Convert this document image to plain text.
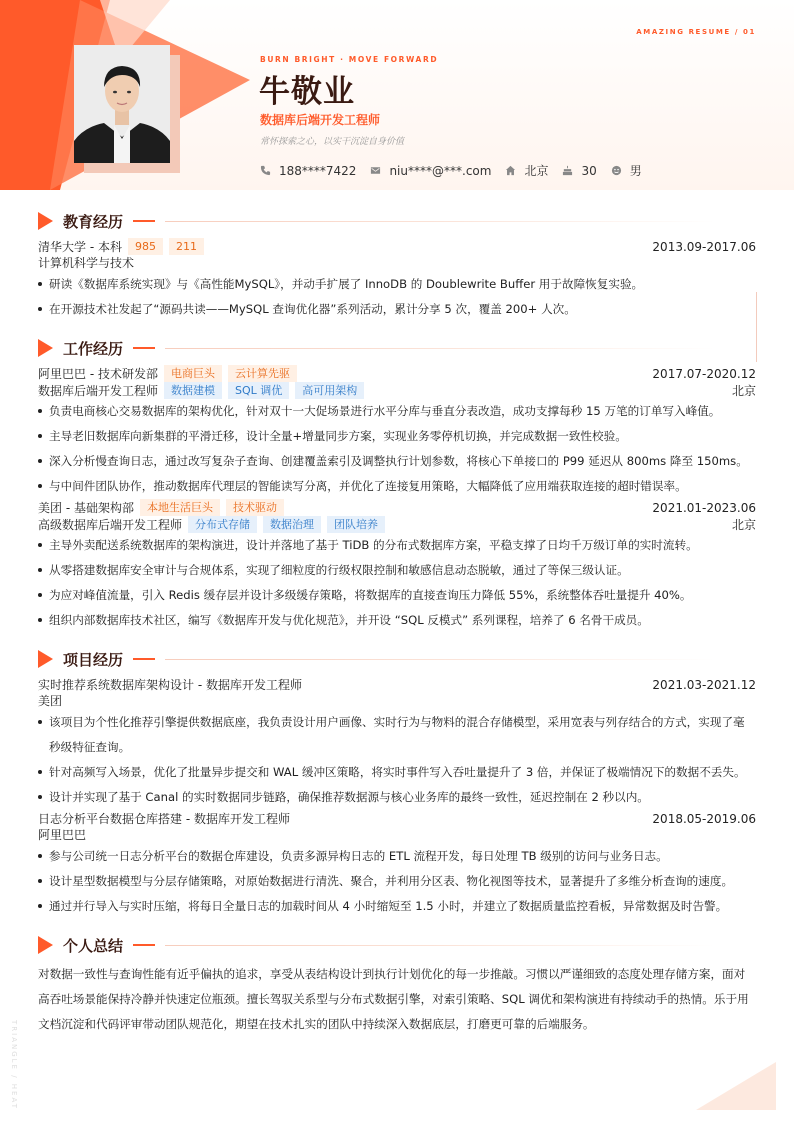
AMAZING RESUME / 01
BURN BRIGHT · MOVE FORWARD
牛敬业
数据库后端开发工程师
常怀探索之心，以实干沉淀自身价值
188****7422	niu****@***.com	北京	30	男
教育经历
清华大学 - 本科	985	211	2013.09-2017.06
计算机科学与技术
研读《数据库系统实现》与《高性能MySQL》，并动手扩展了 InnoDB 的 Doublewrite Buffer 用于故障恢复实验。
在开源技术社发起了“源码共读——MySQL 查询优化器”系列活动，累计分享 5 次，覆盖 200+ 人次。
工作经历
阿里巴巴 - 技术研发部	电商巨头	云计算先驱	2017.07-2020.12
数据库后端开发工程师	数据建模	SQL 调优	高可用架构	北京
负责电商核心交易数据库的架构优化，针对双十一大促场景进行水平分库与垂直分表改造，成功支撑每秒 15 万笔的订单写入峰值。
主导老旧数据库向新集群的平滑迁移，设计全量+增量同步方案，实现业务零停机切换，并完成数据一致性校验。
深入分析慢查询日志，通过改写复杂子查询、创建覆盖索引及调整执行计划参数，将核心下单接口的 P99 延迟从 800ms 降至 150ms。
与中间件团队协作，推动数据库代理层的智能读写分离，并优化了连接复用策略，大幅降低了应用端获取连接的超时错误率。
美团 - 基础架构部	本地生活巨头	技术驱动	2021.01-2023.06
高级数据库后端开发工程师	分布式存储	数据治理	团队培养	北京
主导外卖配送系统数据库的架构演进，设计并落地了基于 TiDB 的分布式数据库方案，平稳支撑了日均千万级订单的实时流转。
从零搭建数据库安全审计与合规体系，实现了细粒度的行级权限控制和敏感信息动态脱敏，通过了等保三级认证。
为应对峰值流量，引入 Redis 缓存层并设计多级缓存策略，将数据库的直接查询压力降低 55%，系统整体吞吐量提升 40%。
组织内部数据库技术社区，编写《数据库开发与优化规范》，并开设 “SQL 反模式” 系列课程，培养了 6 名骨干成员。
项目经历
实时推荐系统数据库架构设计 - 数据库开发工程师	2021.03-2021.12
美团
该项目为个性化推荐引擎提供数据底座，我负责设计用户画像、实时行为与物料的混合存储模型，采用宽表与列存结合的方式，实现了毫秒级特征查询。
针对高频写入场景，优化了批量异步提交和 WAL 缓冲区策略，将实时事件写入吞吐量提升了 3 倍，并保证了极端情况下的数据不丢失。
设计并实现了基于 Canal 的实时数据同步链路，确保推荐数据源与核心业务库的最终一致性，延迟控制在 2 秒以内。
日志分析平台数据仓库搭建 - 数据库开发工程师	2018.05-2019.06
阿里巴巴
参与公司统一日志分析平台的数据仓库建设，负责多源异构日志的 ETL 流程开发，每日处理 TB 级别的访问与业务日志。
设计星型数据模型与分层存储策略，对原始数据进行清洗、聚合，并利用分区表、物化视图等技术，显著提升了多维分析查询的速度。
通过并行导入与实时压缩，将每日全量日志的加载时间从 4 小时缩短至 1.5 小时，并建立了数据质量监控看板，异常数据及时告警。
个人总结
对数据一致性与查询性能有近乎偏执的追求，享受从表结构设计到执行计划优化的每一步推敲。习惯以严谨细致的态度处理存储方案，面对高吞吐场景能保持冷静并快速定位瓶颈。擅长驾驭关系型与分布式数据引擎，对索引策略、SQL 调优和架构演进有持续动手的热情。乐于用文档沉淀和代码评审带动团队规范化，期望在技术扎实的团队中持续深入数据底层，打磨更可靠的后端服务。
TRIANGLE / HEAT
